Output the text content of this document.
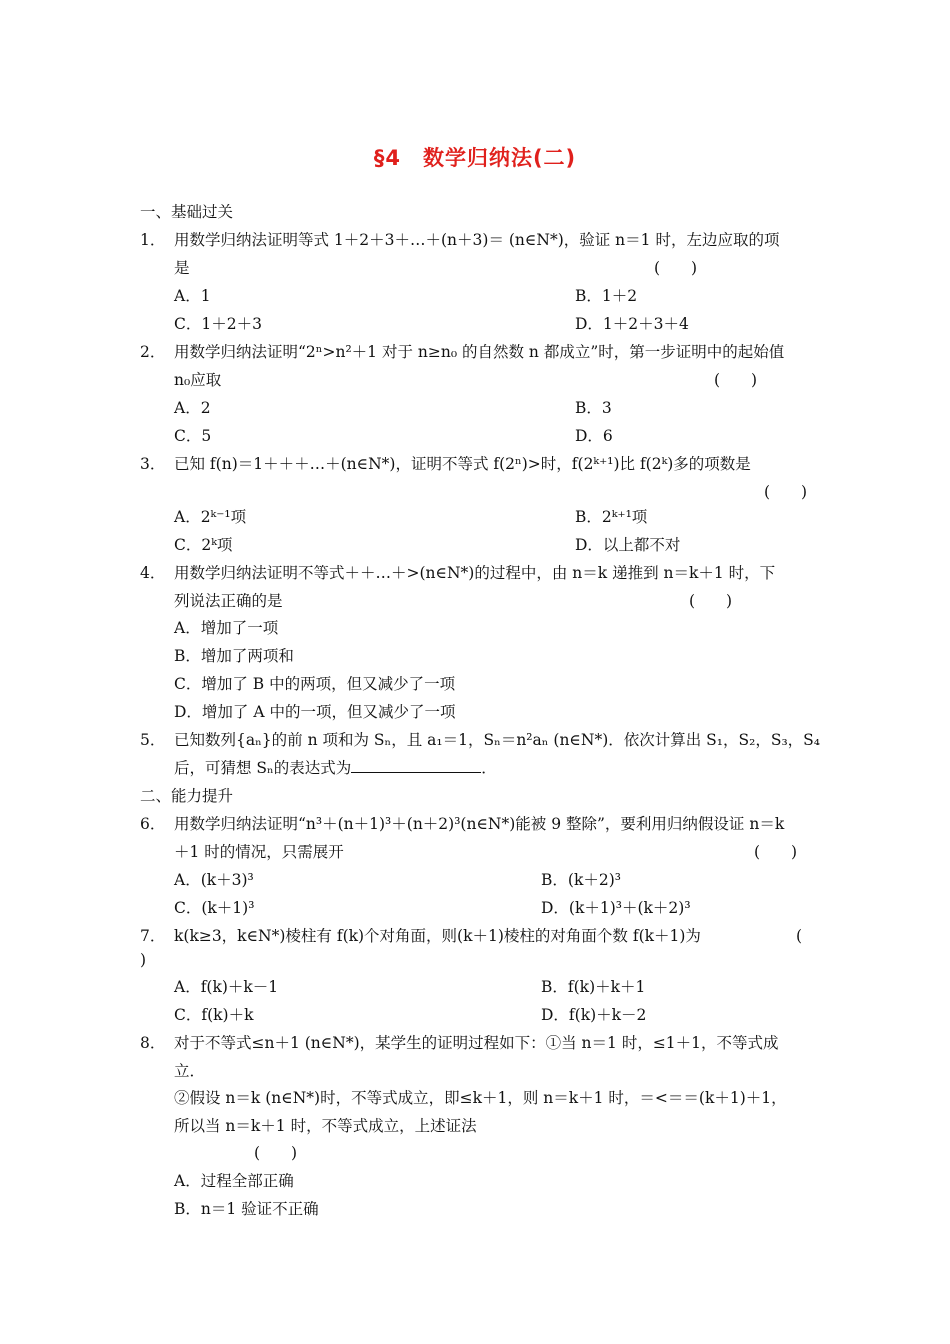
§4　数学归纳法(二)
一、基础过关
1． 用数学归纳法证明等式 1＋2＋3＋…＋(n＋3)＝ (n∈N*)，验证 n＝1 时，左边应取的项
是	(　　)
A．1	B．1＋2
C．1＋2＋3	D．1＋2＋3＋4
2． 用数学归纳法证明“2ⁿ>n²＋1 对于 n≥n₀ 的自然数 n 都成立”时，第一步证明中的起始值
n₀应取	(　　)
A．2	B．3
C．5	D．6
3． 已知 f(n)＝1＋＋＋…＋(n∈N*)，证明不等式 f(2ⁿ)>时，f(2ᵏ⁺¹)比 f(2ᵏ)多的项数是
(　　)
A．2ᵏ⁻¹项	B．2ᵏ⁺¹项
C．2ᵏ项	D．以上都不对
4． 用数学归纳法证明不等式＋＋…＋>(n∈N*)的过程中，由 n＝k 递推到 n＝k＋1 时，下
列说法正确的是	(　　)
A．增加了一项
B．增加了两项和
C．增加了 B 中的两项，但又减少了一项
D．增加了 A 中的一项，但又减少了一项
5． 已知数列{aₙ}的前 n 项和为 Sₙ，且 a₁＝1，Sₙ＝n²aₙ (n∈N*)．依次计算出 S₁，S₂，S₃，S₄
后，可猜想 Sₙ的表达式为	．
二、能力提升
6． 用数学归纳法证明“n³＋(n＋1)³＋(n＋2)³(n∈N*)能被 9 整除”，要利用归纳假设证 n＝k
＋1 时的情况，只需展开	(　　)
A．(k＋3)³	B．(k＋2)³
C．(k＋1)³	D．(k＋1)³＋(k＋2)³
7． k(k≥3，k∈N*)棱柱有 f(k)个对角面，则(k＋1)棱柱的对角面个数 f(k＋1)为	(
)
A．f(k)＋k－1	B．f(k)＋k＋1
C．f(k)＋k	D．f(k)＋k－2
8． 对于不等式≤n＋1 (n∈N*)，某学生的证明过程如下：①当 n＝1 时，≤1＋1，不等式成
立．
②假设 n＝k (n∈N*)时，不等式成立，即≤k＋1，则 n＝k＋1 时，＝<＝＝(k＋1)＋1，
所以当 n＝k＋1 时，不等式成立，上述证法
(　　)
A．过程全部正确
B．n＝1 验证不正确
